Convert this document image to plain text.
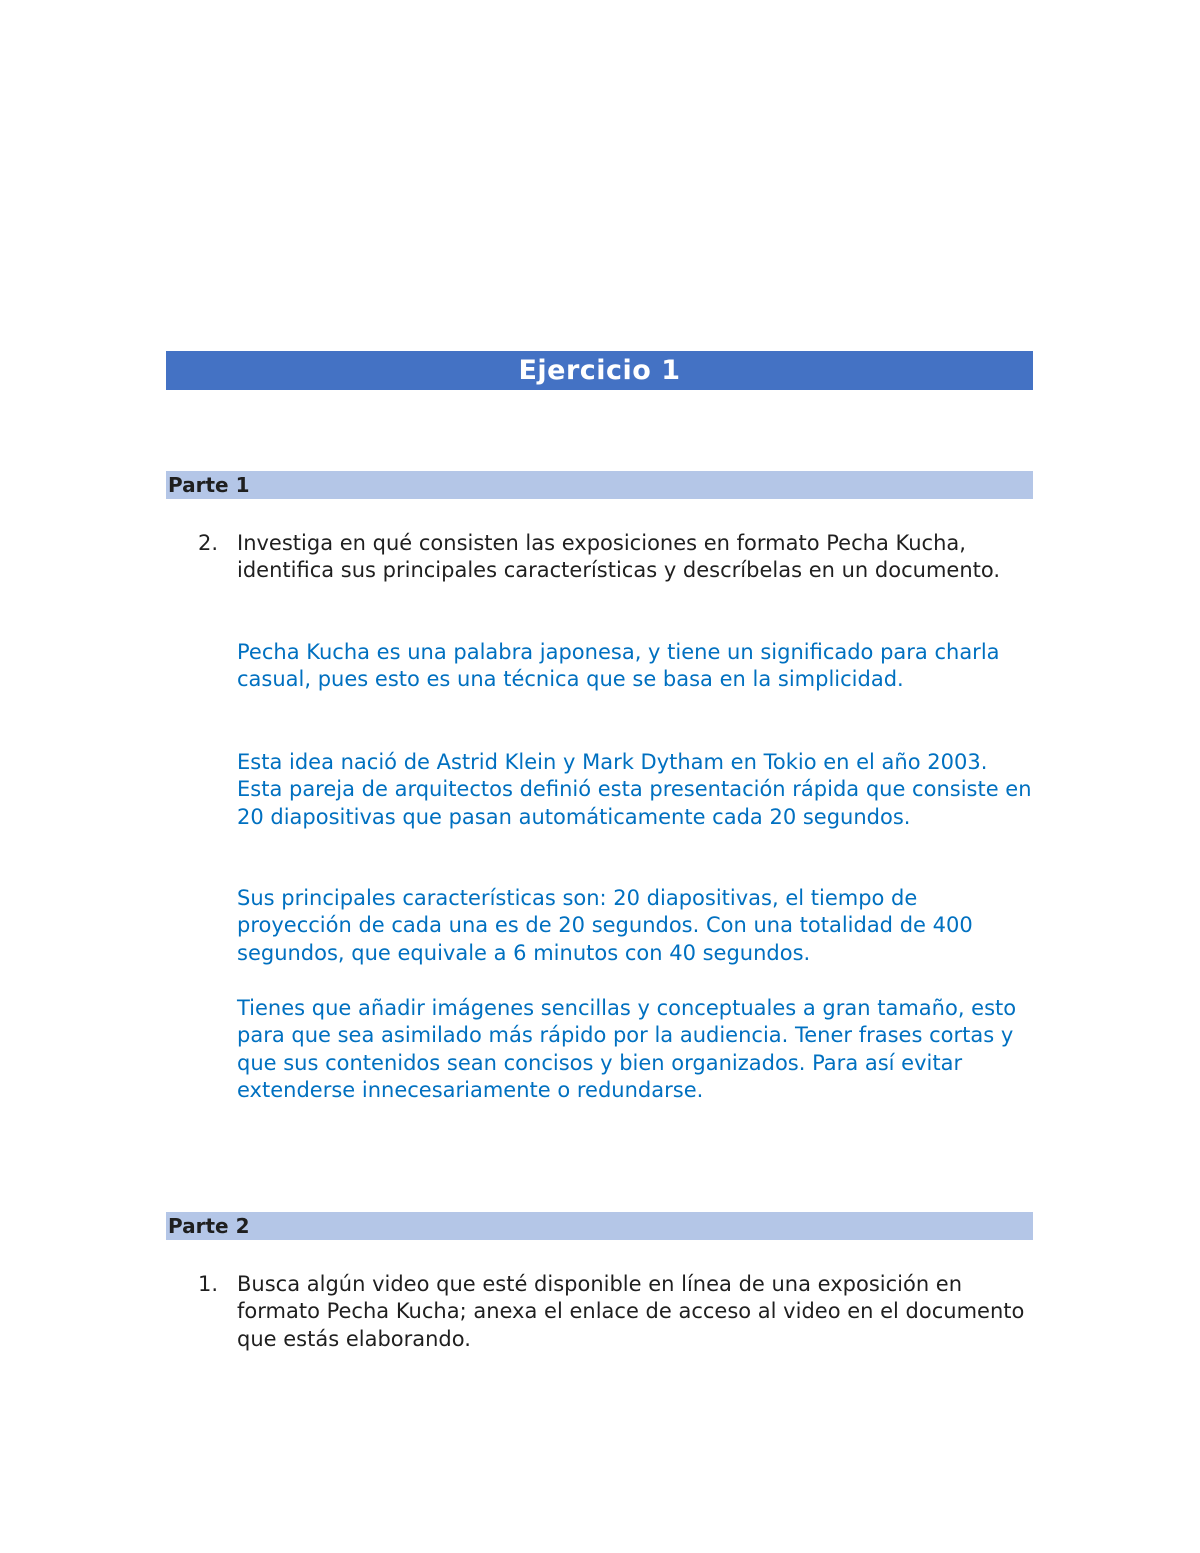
Ejercicio 1
Parte 1
2. Investiga en qué consisten las exposiciones en formato Pecha Kucha, identifica sus principales características y descríbelas en un documento.
Pecha Kucha es una palabra japonesa, y tiene un significado para charla casual, pues esto es una técnica que se basa en la simplicidad.
Esta idea nació de Astrid Klein y Mark Dytham en Tokio en el año 2003. Esta pareja de arquitectos definió esta presentación rápida que consiste en 20 diapositivas que pasan automáticamente cada 20 segundos.
Sus principales características son: 20 diapositivas, el tiempo de proyección de cada una es de 20 segundos. Con una totalidad de 400 segundos, que equivale a 6 minutos con 40 segundos.
Tienes que añadir imágenes sencillas y conceptuales a gran tamaño, esto para que sea asimilado más rápido por la audiencia. Tener frases cortas y que sus contenidos sean concisos y bien organizados. Para así evitar extenderse innecesariamente o redundarse.
Parte 2
1. Busca algún video que esté disponible en línea de una exposición en formato Pecha Kucha; anexa el enlace de acceso al video en el documento que estás elaborando.
